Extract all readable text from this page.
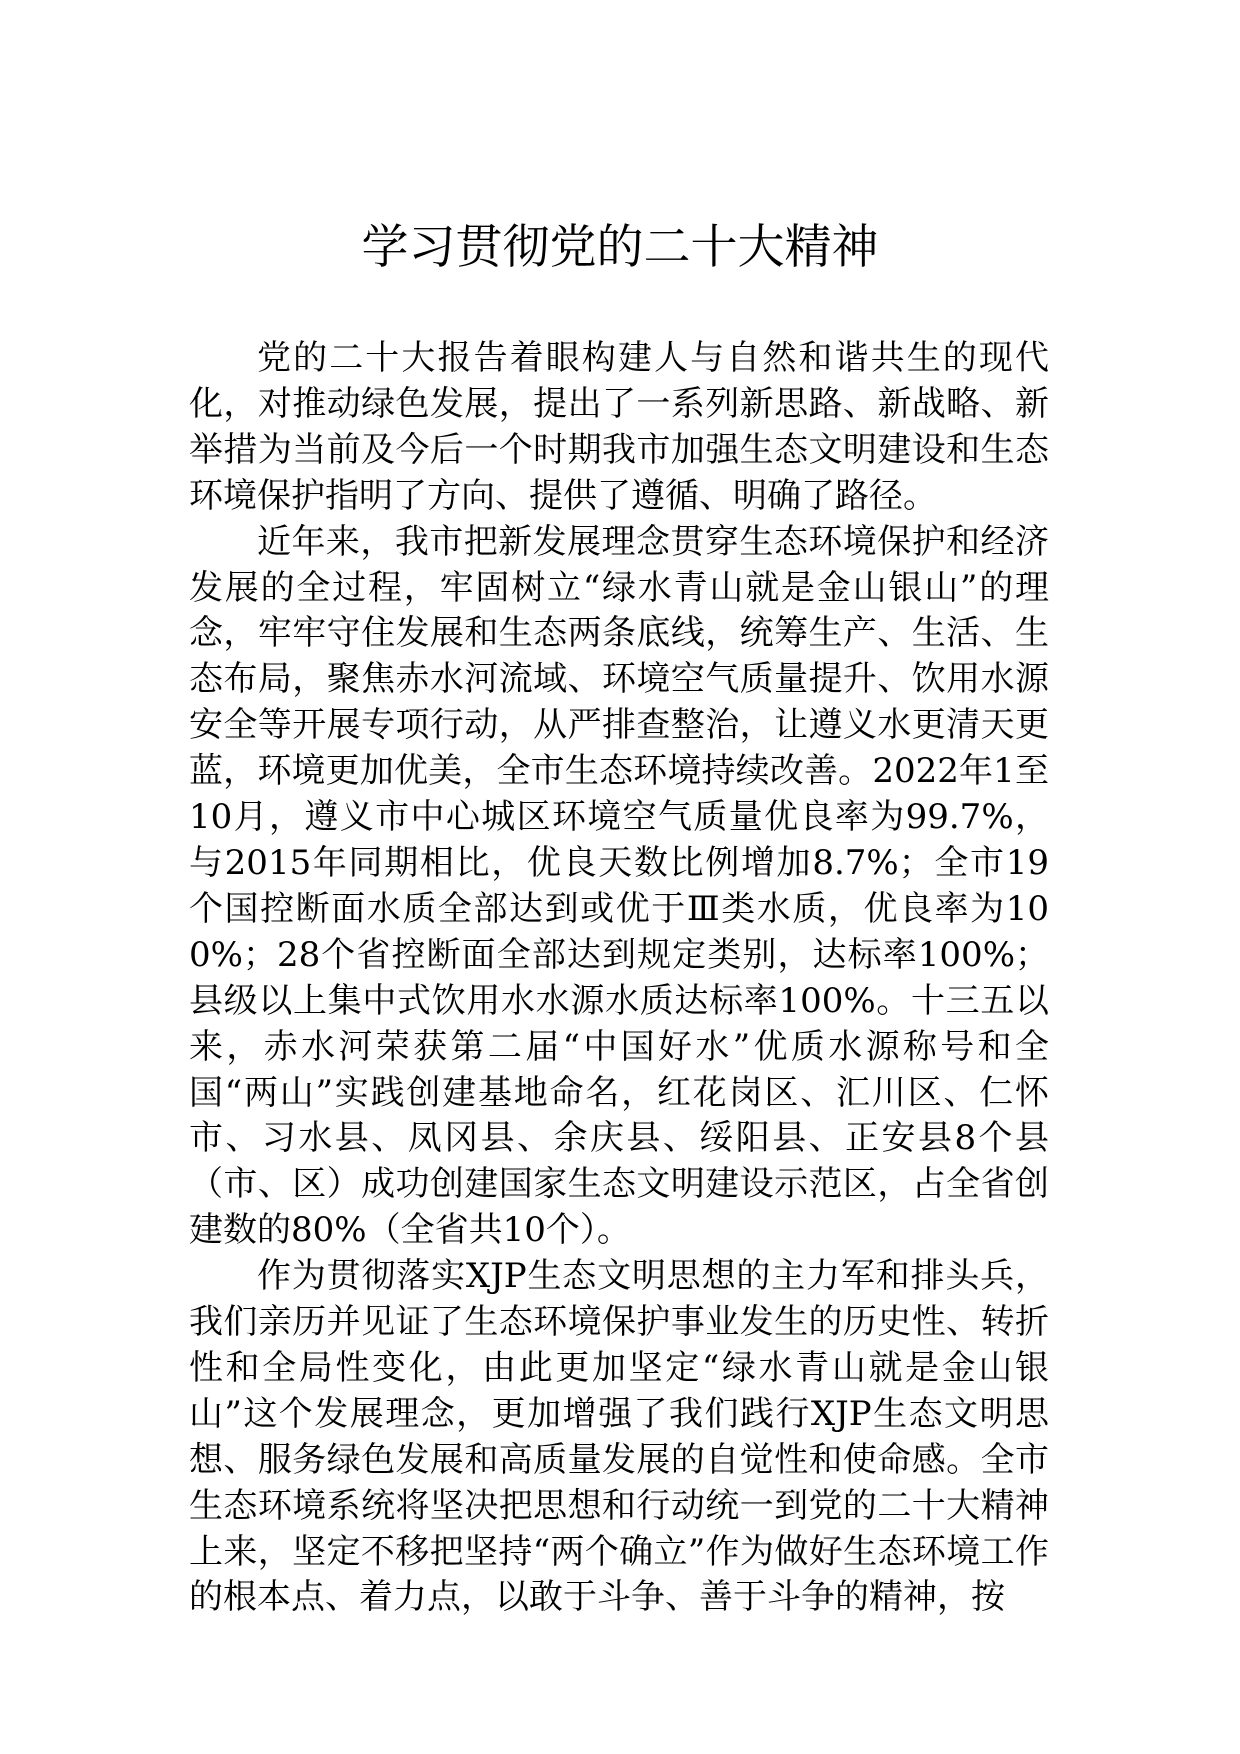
学习贯彻党的二十大精神

党的二十大报告着眼构建人与自然和谐共生的现代化，对推动绿色发展，提出了一系列新思路、新战略、新举措为当前及今后一个时期我市加强生态文明建设和生态环境保护指明了方向、提供了遵循、明确了路径。

近年来，我市把新发展理念贯穿生态环境保护和经济发展的全过程，牢固树立“绿水青山就是金山银山”的理念，牢牢守住发展和生态两条底线，统筹生产、生活、生态布局，聚焦赤水河流域、环境空气质量提升、饮用水源安全等开展专项行动，从严排查整治，让遵义水更清天更蓝，环境更加优美，全市生态环境持续改善。2022年1至10月，遵义市中心城区环境空气质量优良率为99.7%，与2015年同期相比，优良天数比例增加8.7%；全市19个国控断面水质全部达到或优于Ⅲ类水质，优良率为100%；28个省控断面全部达到规定类别，达标率100%；县级以上集中式饮用水水源水质达标率100%。十三五以来，赤水河荣获第二届“中国好水”优质水源称号和全国“两山”实践创建基地命名，红花岗区、汇川区、仁怀市、习水县、凤冈县、余庆县、绥阳县、正安县8个县（市、区）成功创建国家生态文明建设示范区，占全省创建数的80%（全省共10个）。

作为贯彻落实XJP生态文明思想的主力军和排头兵，我们亲历并见证了生态环境保护事业发生的历史性、转折性和全局性变化，由此更加坚定“绿水青山就是金山银山”这个发展理念，更加增强了我们践行XJP生态文明思想、服务绿色发展和高质量发展的自觉性和使命感。全市生态环境系统将坚决把思想和行动统一到党的二十大精神上来，坚定不移把坚持“两个确立”作为做好生态环境工作的根本点、着力点，以敢于斗争、善于斗争的精神，按
